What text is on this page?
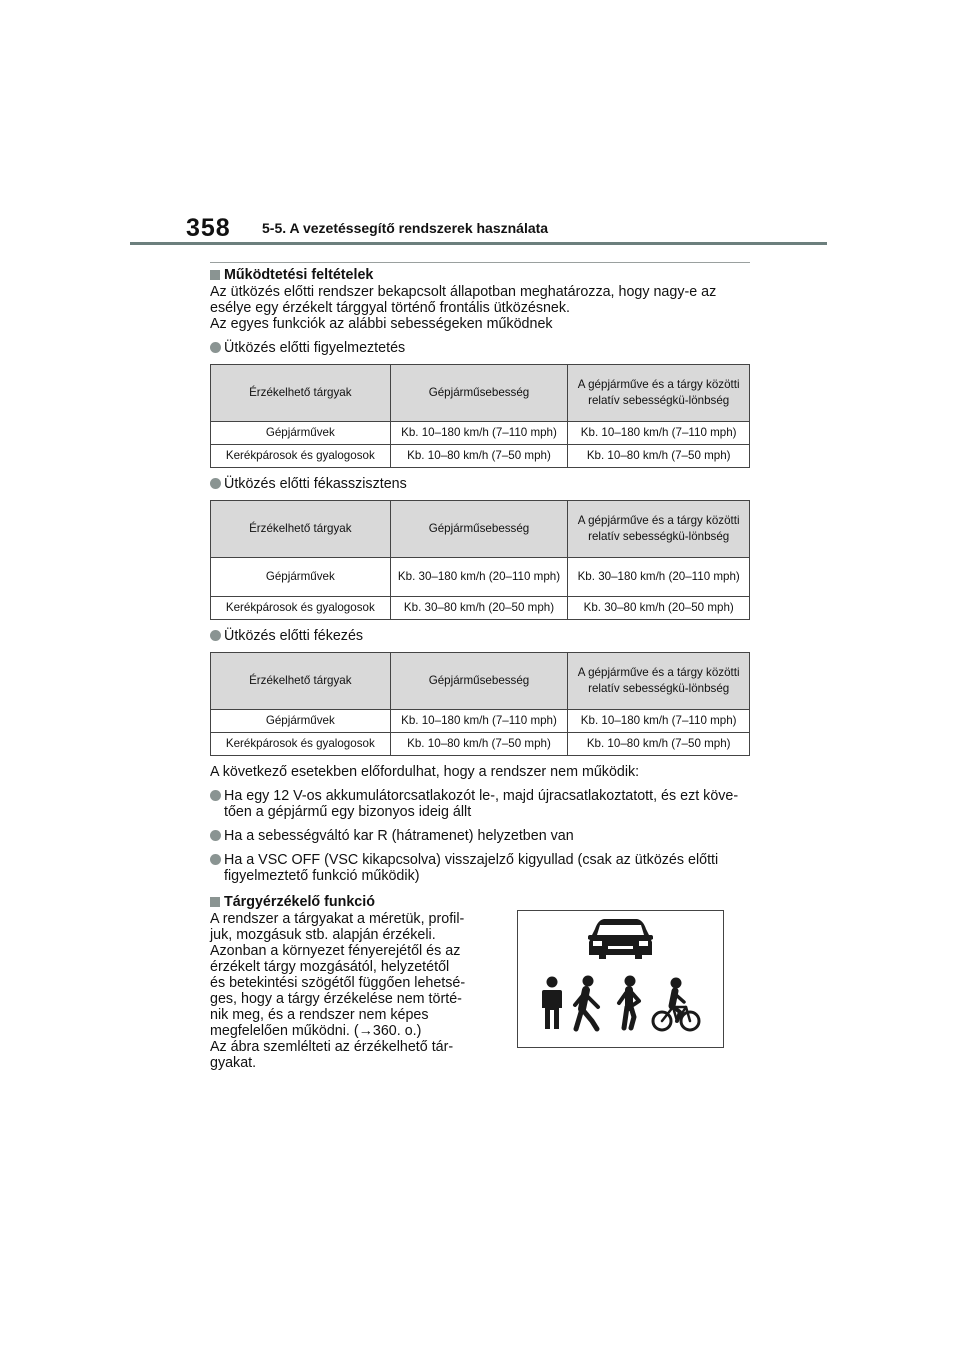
358 5-5. A vezetéssegítő rendszerek használata
Működtetési feltételek

Az ütközés előtti rendszer bekapcsolt állapotban meghatározza, hogy nagy-e az esélye egy érzékelt tárggyal történő frontális ütközésnek.

Az egyes funkciók az alábbi sebességeken működnek

Ütközés előtti figyelmeztetés
Érzékelhető tárgyak	Gépjárműsebesség	A gépjárműve és a tárgy közötti relatív sebességkü-lönbség
Gépjárművek	Kb. 10–180 km/h (7–110 mph)	Kb. 10–180 km/h (7–110 mph)
Kerékpárosok és gyalogosok	Kb. 10–80 km/h (7–50 mph)	Kb. 10–80 km/h (7–50 mph)
Ütközés előtti fékasszisztens
Érzékelhető tárgyak	Gépjárműsebesség	A gépjárműve és a tárgy közötti relatív sebességkü-lönbség
Gépjárművek	Kb. 30–180 km/h (20–110 mph)	Kb. 30–180 km/h (20–110 mph)
Kerékpárosok és gyalogosok	Kb. 30–80 km/h (20–50 mph)	Kb. 30–80 km/h (20–50 mph)
Ütközés előtti fékezés
Érzékelhető tárgyak	Gépjárműsebesség	A gépjárműve és a tárgy közötti relatív sebességkü-lönbség
Gépjárművek	Kb. 10–180 km/h (7–110 mph)	Kb. 10–180 km/h (7–110 mph)
Kerékpárosok és gyalogosok	Kb. 10–80 km/h (7–50 mph)	Kb. 10–80 km/h (7–50 mph)

A következő esetekben előfordulhat, hogy a rendszer nem működik:

Ha egy 12 V-os akkumulátorcsatlakozót le-, majd újracsatlakoztatott, és ezt köve-tően a gépjármű egy bizonyos ideig állt
Ha a sebességváltó kar R (hátramenet) helyzetben van
Ha a VSC OFF (VSC kikapcsolva) visszajelző kigyullad (csak az ütközés előtti figyelmeztető funkció működik)
Tárgyérzékelő funkció
A rendszer a tárgyakat a méretük, profil-
juk, mozgásuk stb. alapján érzékeli.
Azonban a környezet fényerejétől és az
érzékelt tárgy mozgásától, helyzetétől
és betekintési szögétől függően lehetsé-
ges, hogy a tárgy érzékelése nem törté-
nik meg, és a rendszer nem képes
megfelelően működni. (→360. o.)
Az ábra szemlélteti az érzékelhető tár-
gyakat.
